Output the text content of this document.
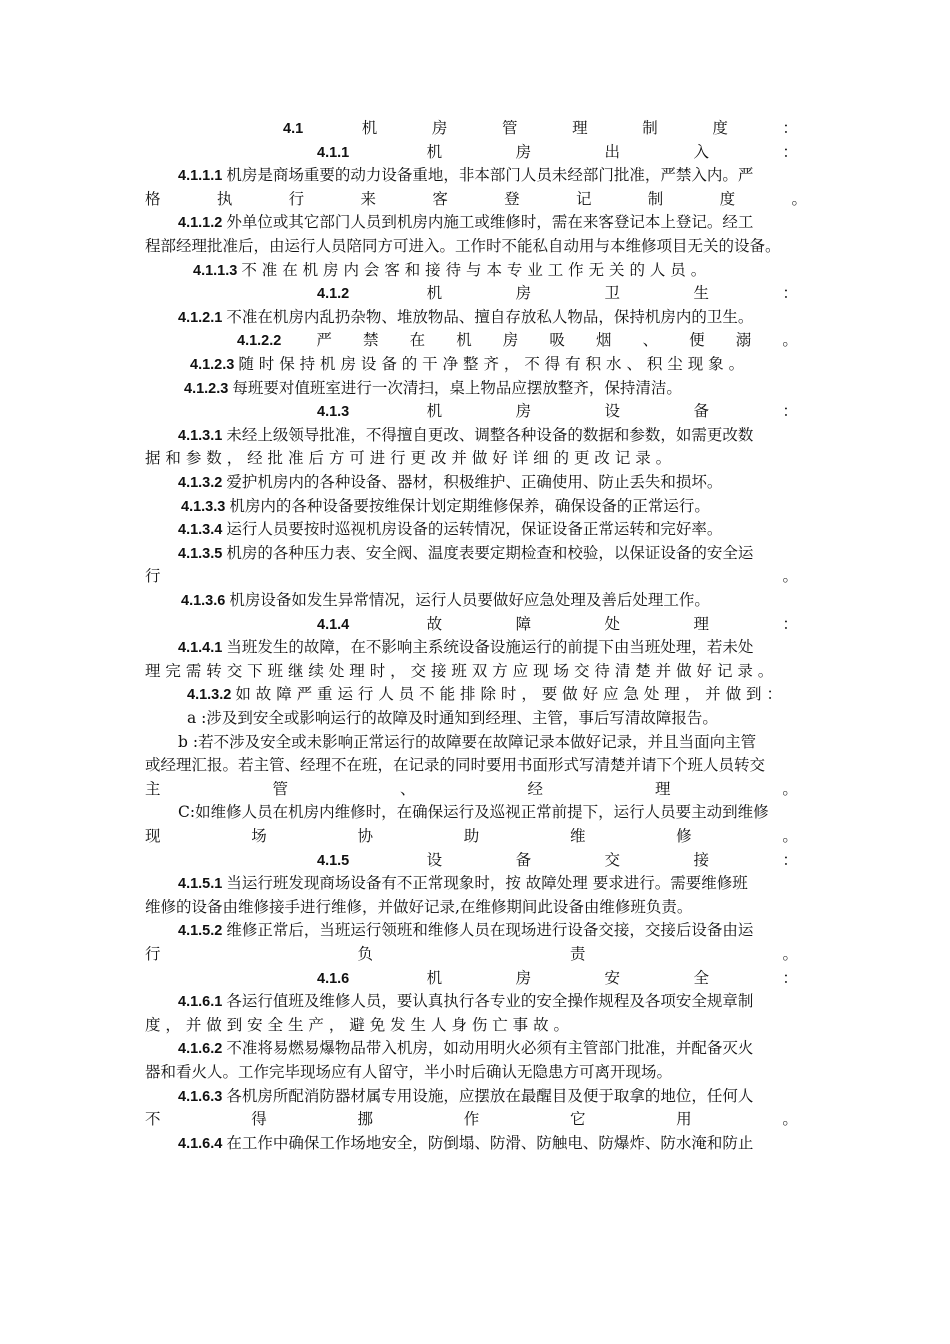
4.1	机	房	管	理	制	度	：
4.1.1	机	房	出	入	：
4.1.1.1 机房是商场重要的动力设备重地，非本部门人员未经部门批准，严禁入内。严
格	执	行	来	客	登	记	制	度	。
4.1.1.2 外单位或其它部门人员到机房内施工或维修时，需在来客登记本上登记。经工
程部经理批准后，由运行人员陪同方可进入。工作时不能私自动用与本维修项目无关的设备。
4.1.1.3 不 准 在 机 房 内 会 客 和 接 待 与 本 专 业 工 作 无 关 的 人 员 。
4.1.2	机	房	卫	生	：
4.1.2.1 不准在机房内乱扔杂物、堆放物品、擅自存放私人物品，保持机房内的卫生。
4.1.2.2 严 禁 在 机 房 吸 烟 、 便 溺 。
4.1.2.3 随 时 保 持 机 房 设 备 的 干 净 整 齐 ， 不 得 有 积 水 、 积 尘 现 象 。
4.1.2.3 每班要对值班室进行一次清扫，桌上物品应摆放整齐，保持清洁。
4.1.3	机	房	设	备	：
4.1.3.1 未经上级领导批准，不得擅自更改、调整各种设备的数据和参数，如需更改数
据 和 参 数 ， 经 批 准 后 方 可 进 行 更 改 并 做 好 详 细 的 更 改 记 录 。
4.1.3.2 爱护机房内的各种设备、器材，积极维护、正确使用、防止丢失和损坏。
4.1.3.3 机房内的各种设备要按维保计划定期维修保养，确保设备的正常运行。
4.1.3.4 运行人员要按时巡视机房设备的运转情况，保证设备正常运转和完好率。
4.1.3.5 机房的各种压力表、安全阀、温度表要定期检查和校验，以保证设备的安全运
行	。
4.1.3.6 机房设备如发生异常情况，运行人员要做好应急处理及善后处理工作。
4.1.4	故	障	处	理	：
4.1.4.1 当班发生的故障，在不影响主系统设备设施运行的前提下由当班处理，若未处
理 完 需 转 交 下 班 继 续 处 理 时 ， 交 接 班 双 方 应 现 场 交 待 清 楚 并 做 好 记 录 。
4.1.3.2 如 故 障 严 重 运 行 人 员 不 能 排 除 时 ， 要 做 好 应 急 处 理 ， 并 做 到 ：
a :涉及到安全或影响运行的故障及时通知到经理、主管，事后写清故障报告。
b :若不涉及安全或未影响正常运行的故障要在故障记录本做好记录，并且当面向主管
或经理汇报。若主管、经理不在班，在记录的同时要用书面形式写清楚并请下个班人员转交
主	管	、	经	理	。
C:如维修人员在机房内维修时，在确保运行及巡视正常前提下，运行人员要主动到维修
现	场	协	助	维	修	。
4.1.5	设	备	交	接	：
4.1.5.1 当运行班发现商场设备有不正常现象时，按 故障处理 要求进行。需要维修班
维修的设备由维修接手进行维修，并做好记录,在维修期间此设备由维修班负责。
4.1.5.2 维修正常后，当班运行领班和维修人员在现场进行设备交接，交接后设备由运
行	负	责	。
4.1.6	机	房	安	全	：
4.1.6.1 各运行值班及维修人员，要认真执行各专业的安全操作规程及各项安全规章制
度 ， 并 做 到 安 全 生 产 ， 避 免 发 生 人 身 伤 亡 事 故 。
4.1.6.2 不准将易燃易爆物品带入机房，如动用明火必须有主管部门批准，并配备灭火
器和看火人。工作完毕现场应有人留守，半小时后确认无隐患方可离开现场。
4.1.6.3 各机房所配消防器材属专用设施，应摆放在最醒目及便于取拿的地位，任何人
不	得	挪	作	它	用	。
4.1.6.4 在工作中确保工作场地安全，防倒塌、防滑、防触电、防爆炸、防水淹和防止
